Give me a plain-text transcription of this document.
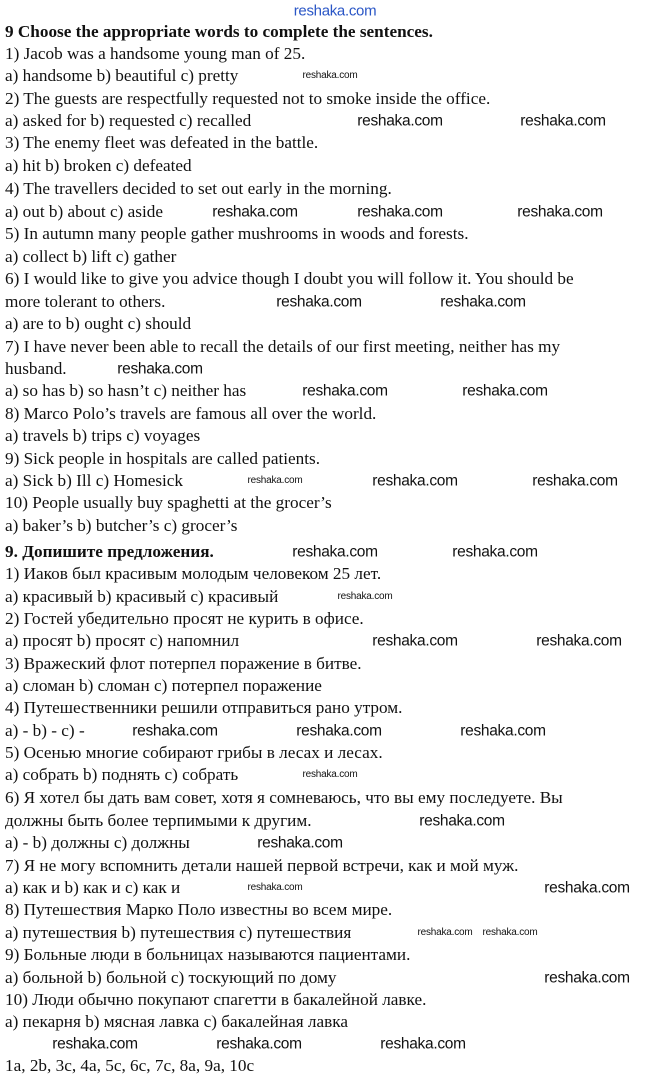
9 Choose the appropriate words to complete the sentences.
1) Jacob was a handsome young man of 25.
a) handsome b) beautiful c) pretty
2) The guests are respectfully requested not to smoke inside the office.
a) asked for b) requested c) recalled
3) The enemy fleet was defeated in the battle.
a) hit b) broken c) defeated
4) The travellers decided to set out early in the morning.
a) out b) about c) aside
5) In autumn many people gather mushrooms in woods and forests.
a) collect b) lift c) gather
6) I would like to give you advice though I doubt you will follow it. You should be
more tolerant to others.
a) are to b) ought c) should
7) I have never been able to recall the details of our first meeting, neither has my
husband.
a) so has b) so hasn’t c) neither has
8) Marco Polo’s travels are famous all over the world.
a) travels b) trips c) voyages
9) Sick people in hospitals are called patients.
a) Sick b) Ill c) Homesick
10) People usually buy spaghetti at the grocer’s
a) baker’s b) butcher’s c) grocer’s
9. Допишите предложения.
1) Иаков был красивым молодым человеком 25 лет.
а) красивый b) красивый c) красивый
2) Гостей убедительно просят не курить в офисе.
а) просят b) просят c) напомнил
3) Вражеский флот потерпел поражение в битве.
а) сломан b) сломан c) потерпел поражение
4) Путешественники решили отправиться рано утром.
а) - b) - c) -
5) Осенью многие собирают грибы в лесах и лесах.
а) собрать b) поднять c) собрать
6) Я хотел бы дать вам совет, хотя я сомневаюсь, что вы ему последуете. Вы
должны быть более терпимыми к другим.
а) - b) должны c) должны
7) Я не могу вспомнить детали нашей первой встречи, как и мой муж.
а) как и b) как и c) как и
8) Путешествия Марко Поло известны во всем мире.
а) путешествия b) путешествия c) путешествия
9) Больные люди в больницах называются пациентами.
а) больной b) больной c) тоскующий по дому
10) Люди обычно покупают спагетти в бакалейной лавке.
а) пекарня b) мясная лавка c) бакалейная лавка
1a, 2b, 3c, 4a, 5c, 6c, 7c, 8a, 9a, 10c
reshaka.com
reshaka.com	reshaka.com
reshaka.com	reshaka.com	reshaka.com
reshaka.com	reshaka.com
reshaka.com
reshaka.com	reshaka.com
reshaka.com	reshaka.com
reshaka.com	reshaka.com
reshaka.com	reshaka.com
reshaka.com	reshaka.com	reshaka.com
reshaka.com
reshaka.com
reshaka.com
reshaka.com
reshaka.com	reshaka.com	reshaka.com
reshaka.com
reshaka.com
reshaka.com
reshaka.com
reshaka.com
reshaka.com reshaka.com
